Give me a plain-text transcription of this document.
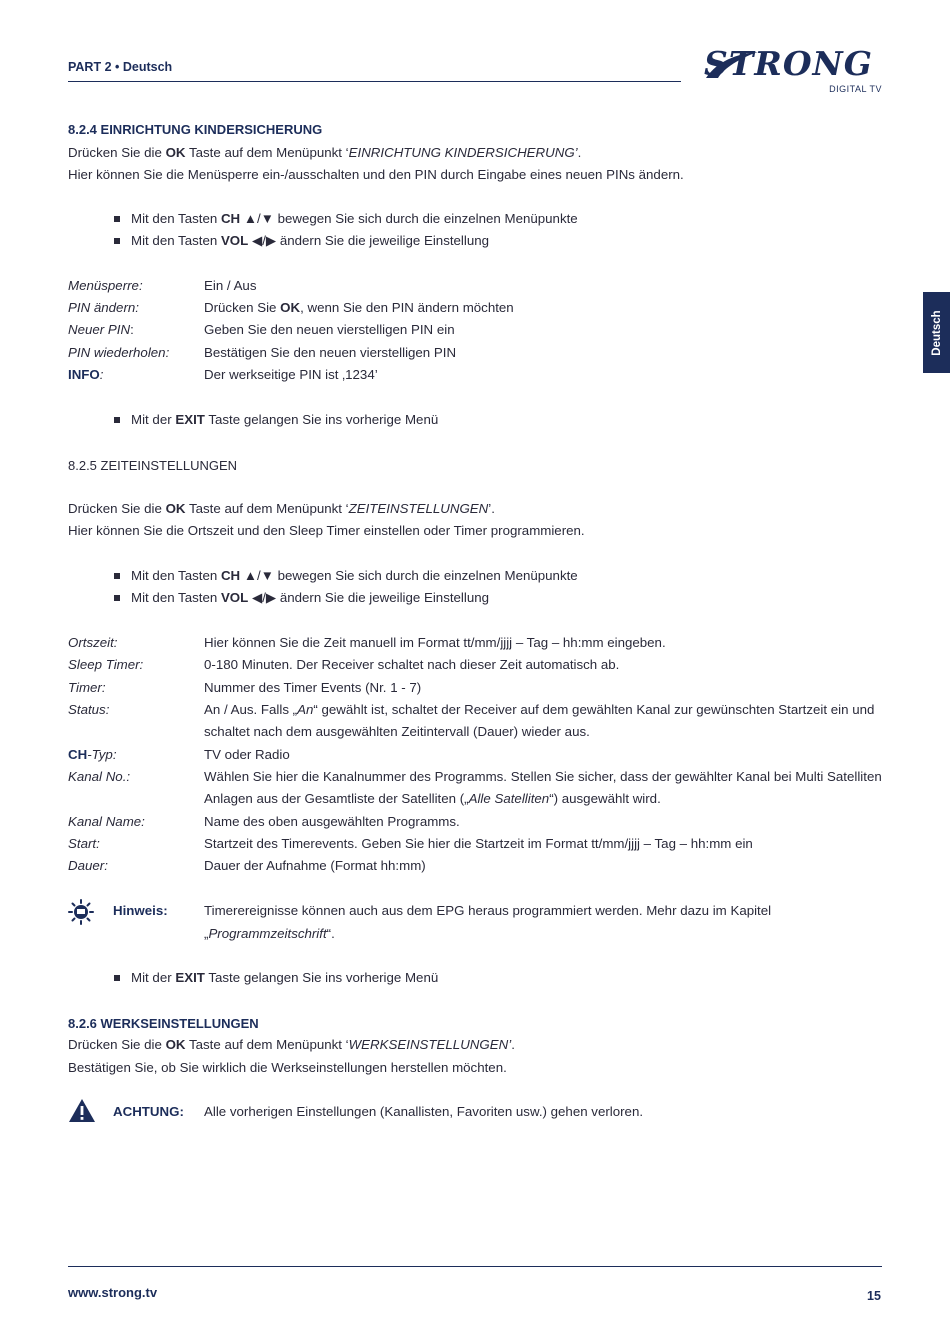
PART 2 • Deutsch	STRONG
DIGITAL TV
Deutsch
8.2.4 EINRICHTUNG KINDERSICHERUNG
Drücken Sie die OK Taste auf dem Menüpunkt ‘EINRICHTUNG KINDERSICHERUNG’.
Hier können Sie die Menüsperre ein-/ausschalten und den PIN durch Eingabe eines neuen PINs ändern.
Mit den Tasten CH ▲/▼ bewegen Sie sich durch die einzelnen Menüpunkte
Mit den Tasten VOL ◀/▶ ändern Sie die jeweilige Einstellung
Menüsperre:	Ein / Aus
PIN ändern:	Drücken Sie OK, wenn Sie den PIN ändern möchten
Neuer PIN:	Geben Sie den neuen vierstelligen PIN ein
PIN wiederholen:	Bestätigen Sie den neuen vierstelligen PIN
INFO:	Der werkseitige PIN ist ‚1234’
Mit der EXIT Taste gelangen Sie ins vorherige Menü
8.2.5 ZEITEINSTELLUNGEN
Drücken Sie die OK Taste auf dem Menüpunkt ‘ZEITEINSTELLUNGEN’.
Hier können Sie die Ortszeit und den Sleep Timer einstellen oder Timer programmieren.
Mit den Tasten CH ▲/▼ bewegen Sie sich durch die einzelnen Menüpunkte
Mit den Tasten VOL ◀/▶ ändern Sie die jeweilige Einstellung
Ortszeit:	Hier können Sie die Zeit manuell im Format tt/mm/jjjj – Tag – hh:mm eingeben.
Sleep Timer:	0-180 Minuten. Der Receiver schaltet nach dieser Zeit automatisch ab.
Timer:	Nummer des Timer Events (Nr. 1 - 7)
Status:	An / Aus. Falls „An“ gewählt ist, schaltet der Receiver auf dem gewählten Kanal zur gewünschten Startzeit ein und
schaltet nach dem ausgewählten Zeitintervall (Dauer) wieder aus.
CH-Typ:	TV oder Radio
Kanal No.:	Wählen Sie hier die Kanalnummer des Programms. Stellen Sie sicher, dass der gewählter Kanal bei Multi Satelliten
Anlagen aus der Gesamtliste der Satelliten („Alle Satelliten“) ausgewählt wird.
Kanal Name:	Name des oben ausgewählten Programms.
Start:	Startzeit des Timerevents. Geben Sie hier die Startzeit im Format tt/mm/jjjj – Tag – hh:mm ein
Dauer:	Dauer der Aufnahme (Format hh:mm)
Hinweis:	Timerereignisse können auch aus dem EPG heraus programmiert werden. Mehr dazu im Kapitel
„Programmzeitschrift“.
Mit der EXIT Taste gelangen Sie ins vorherige Menü
8.2.6 WERKSEINSTELLUNGEN
Drücken Sie die OK Taste auf dem Menüpunkt ‘WERKSEINSTELLUNGEN’.
Bestätigen Sie, ob Sie wirklich die Werkseinstellungen herstellen möchten.
ACHTUNG: Alle vorherigen Einstellungen (Kanallisten, Favoriten usw.) gehen verloren.
www.strong.tv	15
